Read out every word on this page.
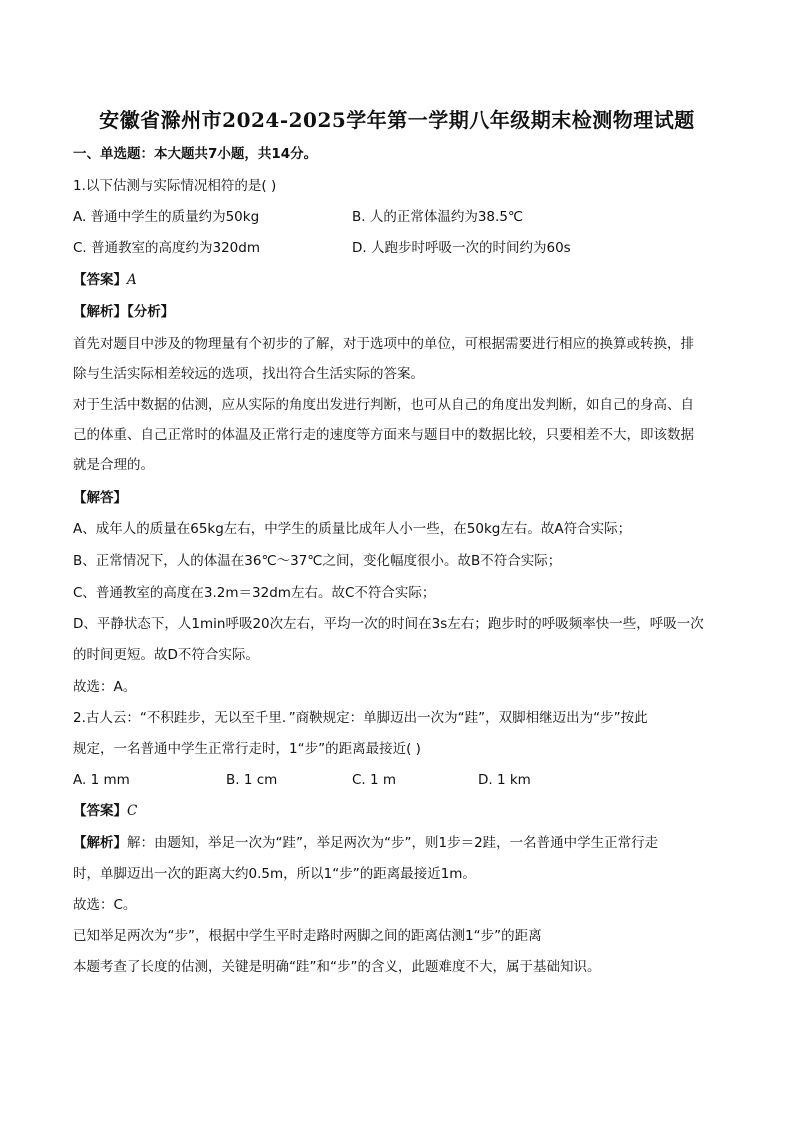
安徽省滁州市2024-2025学年第一学期八年级期末检测物理试题
一、单选题：本大题共7小题，共14分。
1.以下估测与实际情况相符的是( )
A. 普通中学生的质量约为50kg	B. 人的正常体温约为38.5℃
C. 普通教室的高度约为320dm	D. 人跑步时呼吸一次的时间约为60s
【答案】A
【解析】【分析】
首先对题目中涉及的物理量有个初步的了解，对于选项中的单位，可根据需要进行相应的换算或转换，排
除与生活实际相差较远的选项，找出符合生活实际的答案。
对于生活中数据的估测，应从实际的角度出发进行判断，也可从自己的角度出发判断，如自己的身高、自
己的体重、自己正常时的体温及正常行走的速度等方面来与题目中的数据比较，只要相差不大，即该数据
就是合理的。
【解答】
A、成年人的质量在65kg左右，中学生的质量比成年人小一些，在50kg左右。故A符合实际；
B、正常情况下，人的体温在36℃～37℃之间，变化幅度很小。故B不符合实际；
C、普通教室的高度在3.2m＝32dm左右。故C不符合实际；
D、平静状态下，人1min呼吸20次左右，平均一次的时间在3s左右；跑步时的呼吸频率快一些，呼吸一次
的时间更短。故D不符合实际。
故选：A。
2.古人云：“不积跬步，无以至千里．”商鞅规定：单脚迈出一次为“跬”，双脚相继迈出为“步”按此
规定，一名普通中学生正常行走时，1“步”的距离最接近( )
A. 1 mm	B. 1 cm	C. 1 m	D. 1 km
【答案】C
【解析】解：由题知，举足一次为“跬”，举足两次为“步”，则1步＝2跬，一名普通中学生正常行走
时，单脚迈出一次的距离大约0.5m，所以1“步”的距离最接近1m。
故选：C。
已知举足两次为“步”，根据中学生平时走路时两脚之间的距离估测1“步”的距离
本题考查了长度的估测，关键是明确“跬”和“步”的含义，此题难度不大，属于基础知识。
